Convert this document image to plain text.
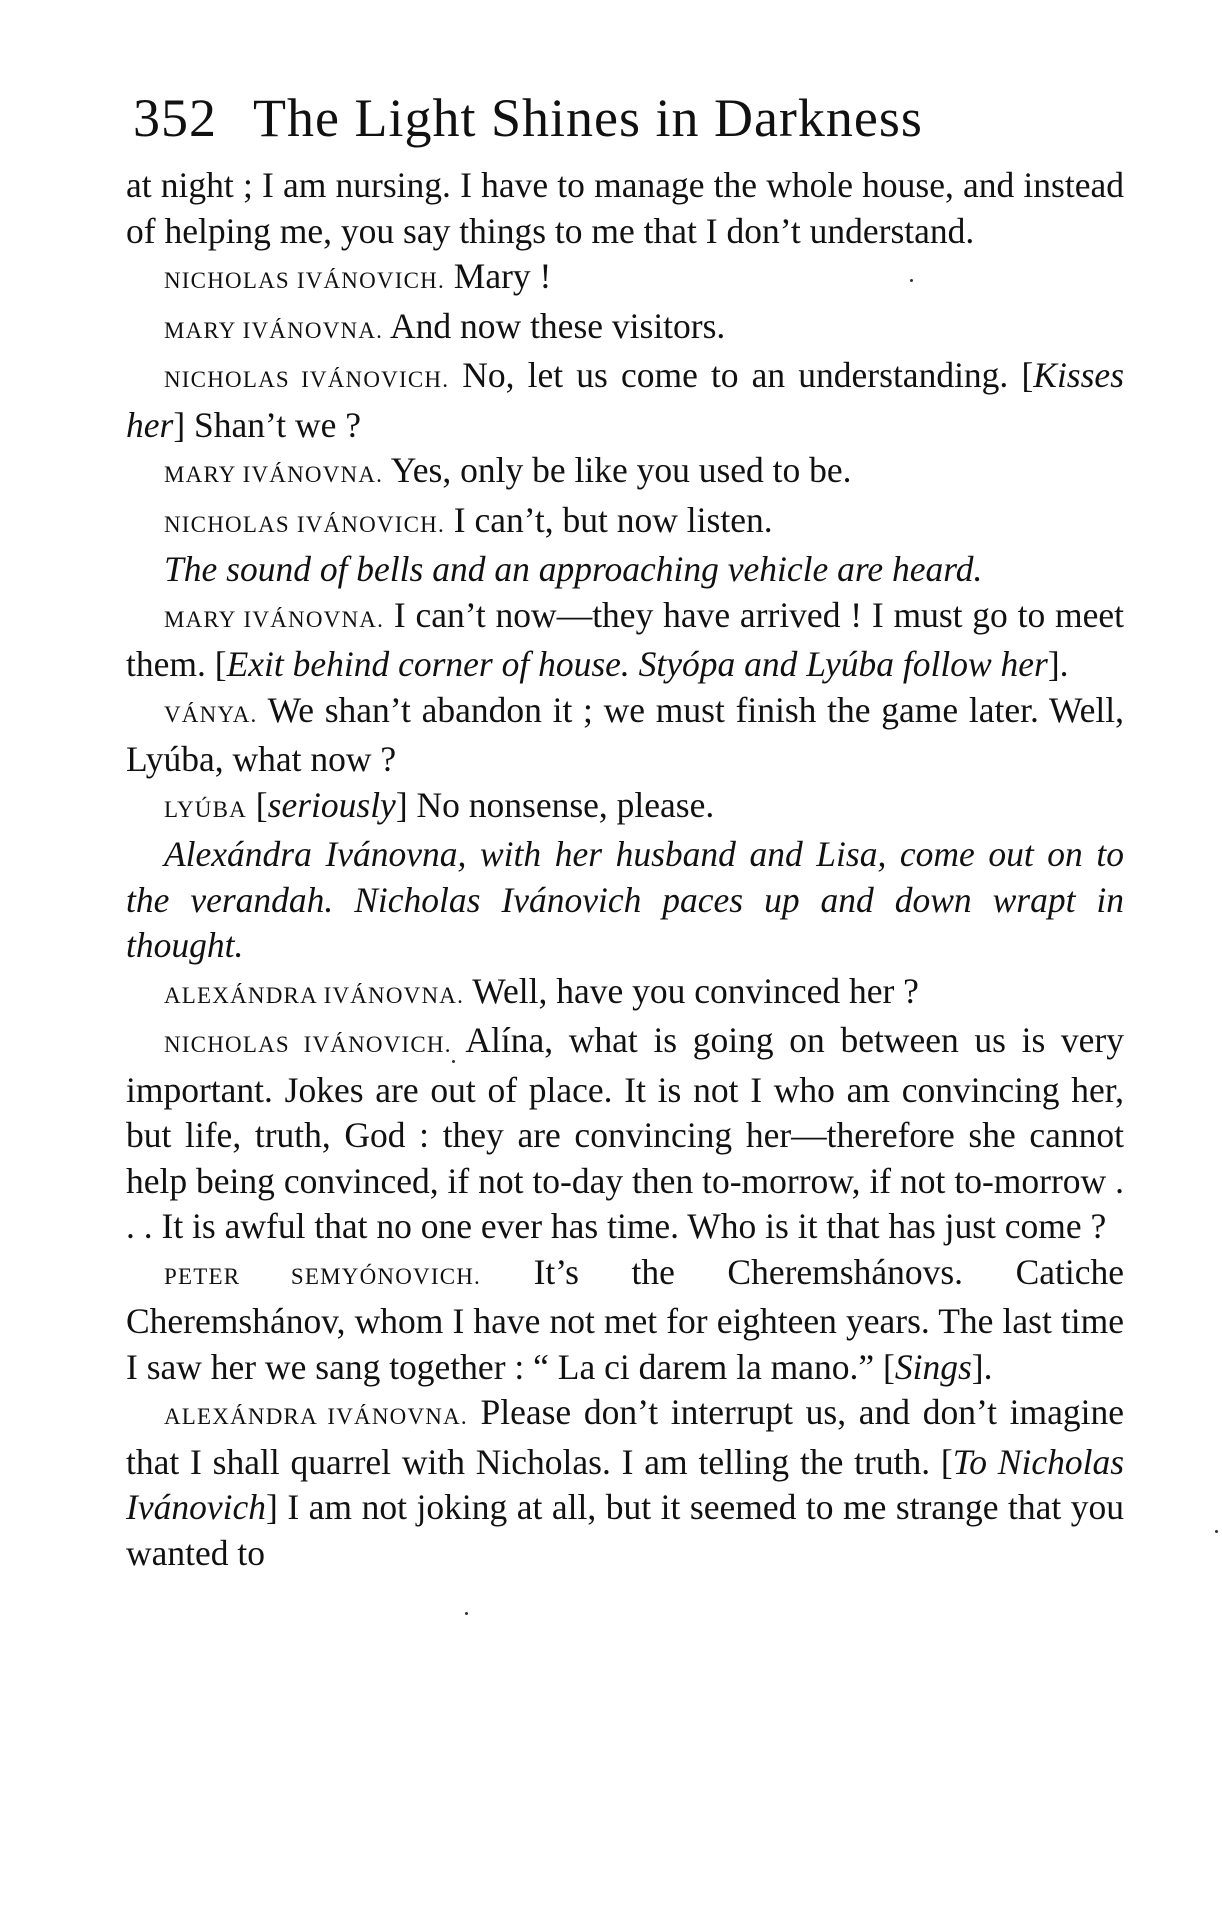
352 The Light Shines in Darkness

at night ; I am nursing. I have to manage the whole house, and instead of helping me, you say things to me that I don’t understand.

NICHOLAS IVÁNOVICH. Mary !

MARY IVÁNOVNA. And now these visitors.

NICHOLAS IVÁNOVICH. No, let us come to an understanding. [Kisses her] Shan’t we ?

MARY IVÁNOVNA. Yes, only be like you used to be.

NICHOLAS IVÁNOVICH. I can’t, but now listen.

The sound of bells and an approaching vehicle are heard.

MARY IVÁNOVNA. I can’t now—they have arrived ! I must go to meet them. [Exit behind corner of house. Styópa and Lyúba follow her].

VÁNYA. We shan’t abandon it ; we must finish the game later. Well, Lyúba, what now ?

LYÚBA [seriously] No nonsense, please.

Alexándra Ivánovna, with her husband and Lisa, come out on to the verandah. Nicholas Ivánovich paces up and down wrapt in thought.

ALEXÁNDRA IVÁNOVNA. Well, have you convinced her ?

NICHOLAS IVÁNOVICH. Alína, what is going on between us is very important. Jokes are out of place. It is not I who am convincing her, but life, truth, God : they are convincing her—therefore she cannot help being convinced, if not to-day then to-morrow, if not to-morrow . . . It is awful that no one ever has time. Who is it that has just come ?

PETER SEMYÓNOVICH. It’s the Cheremshánovs. Catiche Cheremshánov, whom I have not met for eighteen years. The last time I saw her we sang together : “ La ci darem la mano.” [Sings].

ALEXÁNDRA IVÁNOVNA. Please don’t interrupt us, and don’t imagine that I shall quarrel with Nicholas. I am telling the truth. [To Nicholas Ivánovich] I am not joking at all, but it seemed to me strange that you wanted to
